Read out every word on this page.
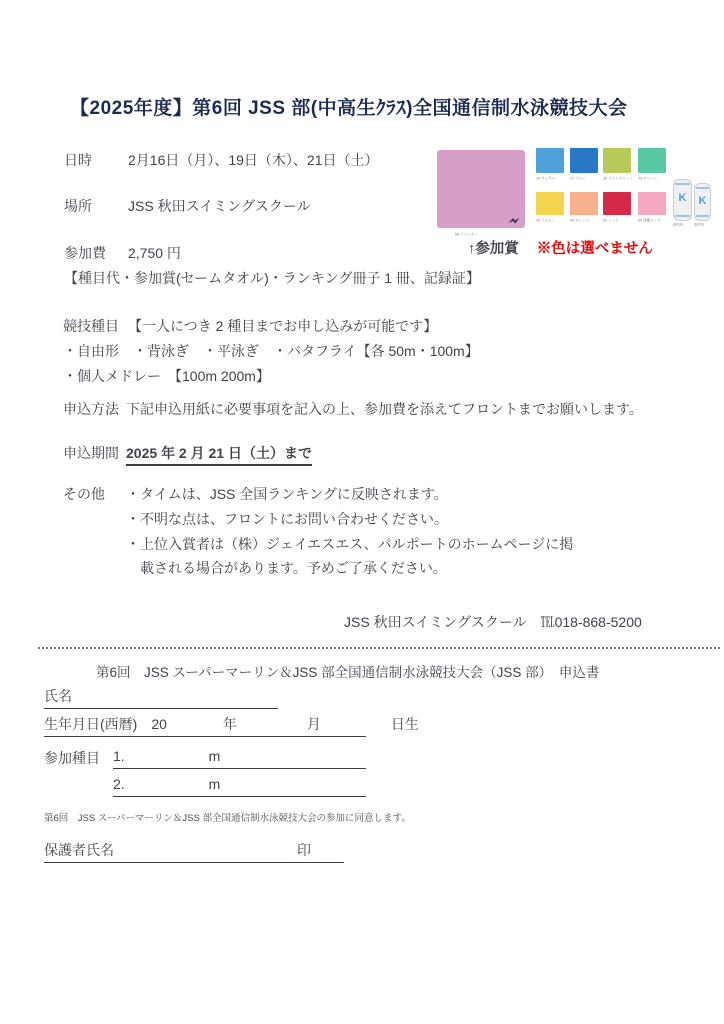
【2025年度】第6回 JSS 部(中高生ｸﾗｽ)全国通信制水泳競技大会
日時	2月16日（月）、19日（木）、21日（土）
場所	JSS 秋田スイミングスクール
68 ラベンダー
19 サックス	27 ブルー	35 ライトグリーン 33 グリーン
43 イエロー	53 オレンジ	62 レッド	64 薄紫ピンク
K	K
(BOX)	(BOX)
↑参加賞 ※色は選べません
参加費 2,750 円
【種目代・参加賞(セームタオル)・ランキング冊子 1 冊、記録証】
競技種目 【一人につき 2 種目までお申し込みが可能です】
・自由形　・背泳ぎ　・平泳ぎ　・バタフライ【各 50m・100m】
・個人メドレー　【100m 200m】
申込方法 下記申込用紙に必要事項を記入の上、参加費を添えてフロントまでお願いします。
申込期間 2025 年 2 月 21 日（土）まで
その他 ・タイムは、JSS 全国ランキングに反映されます。
・不明な点は、フロントにお問い合わせください。
・上位入賞者は（株）ジェイエスエス、パルポートのホームページに掲
載される場合があります。予めご了承ください。
JSS 秋田スイミングスクール　℡018-868-5200
第6回　JSS スーパーマーリン＆JSS 部全国通信制水泳競技大会（JSS 部）　申込書
氏名
生年月日(西暦)　20　　　　年　　　　　月　　　　　日生
参加種目 1.　　　　　　m
2.　　　　　　m
第6回　JSS スーパーマーリン＆JSS 部全国通信制水泳競技大会の参加に同意します。
保護者氏名	印
